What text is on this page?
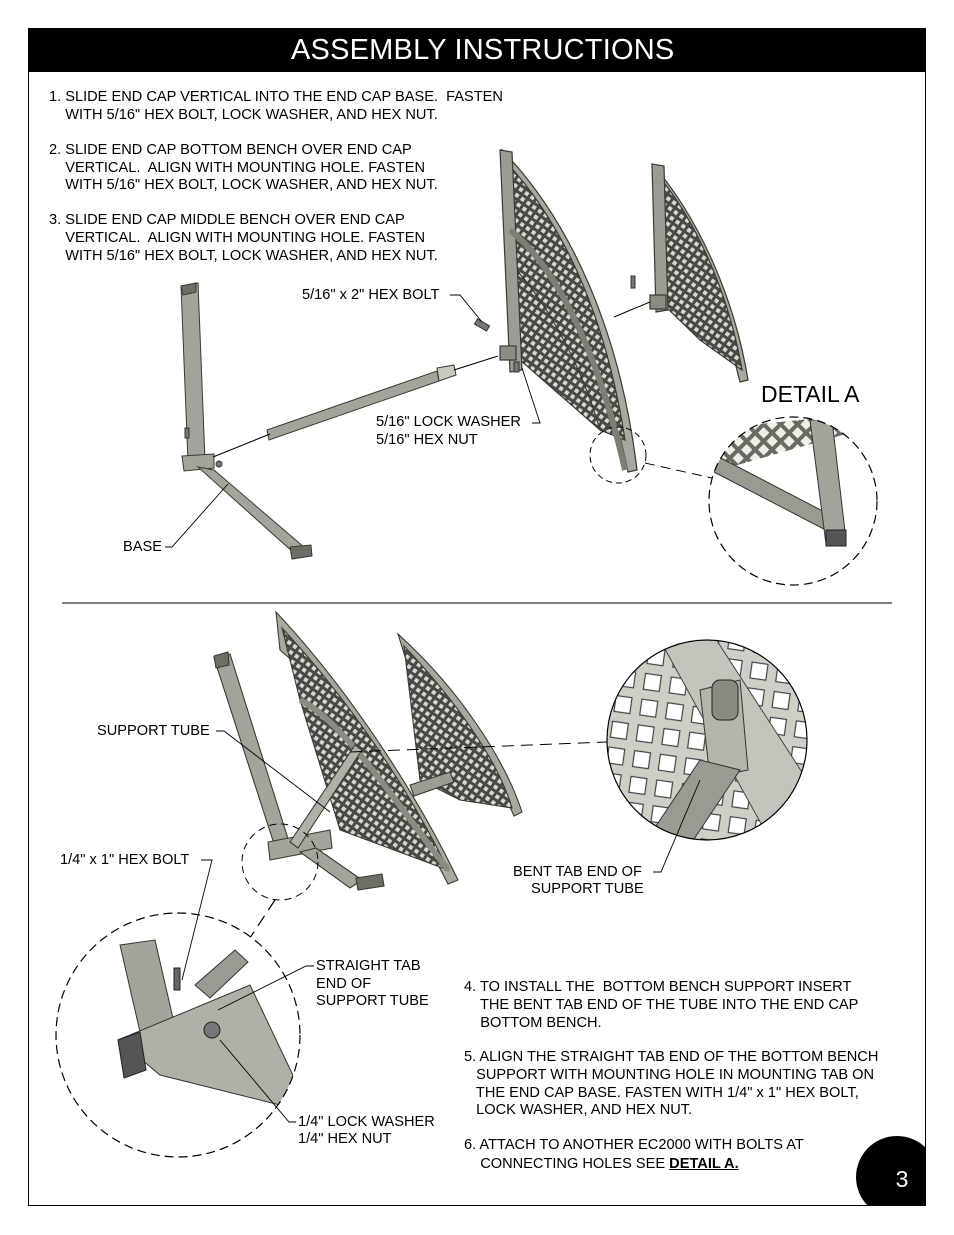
ASSEMBLY INSTRUCTIONS
1. SLIDE END CAP VERTICAL INTO THE END CAP BASE.  FASTEN
WITH 5/16" HEX BOLT, LOCK WASHER, AND HEX NUT.
2. SLIDE END CAP BOTTOM BENCH OVER END CAP
VERTICAL.  ALIGN WITH MOUNTING HOLE. FASTEN
WITH 5/16" HEX BOLT, LOCK WASHER, AND HEX NUT.
3. SLIDE END CAP MIDDLE BENCH OVER END CAP
VERTICAL.  ALIGN WITH MOUNTING HOLE. FASTEN
WITH 5/16" HEX BOLT, LOCK WASHER, AND HEX NUT.
5/16" x 2" HEX BOLT
5/16" LOCK WASHER
5/16" HEX NUT
BASE
DETAIL A
SUPPORT TUBE
1/4" x 1" HEX BOLT
BENT TAB END OF
SUPPORT TUBE
STRAIGHT TAB
END OF
SUPPORT TUBE
1/4" LOCK WASHER
1/4" HEX NUT
4. TO INSTALL THE  BOTTOM BENCH SUPPORT INSERT
THE BENT TAB END OF THE TUBE INTO THE END CAP
BOTTOM BENCH.
5. ALIGN THE STRAIGHT TAB END OF THE BOTTOM BENCH
SUPPORT WITH MOUNTING HOLE IN MOUNTING TAB ON
THE END CAP BASE. FASTEN WITH 1/4" x 1" HEX BOLT,
LOCK WASHER, AND HEX NUT.
6. ATTACH TO ANOTHER EC2000 WITH BOLTS AT
CONNECTING HOLES SEE DETAIL A.
3
